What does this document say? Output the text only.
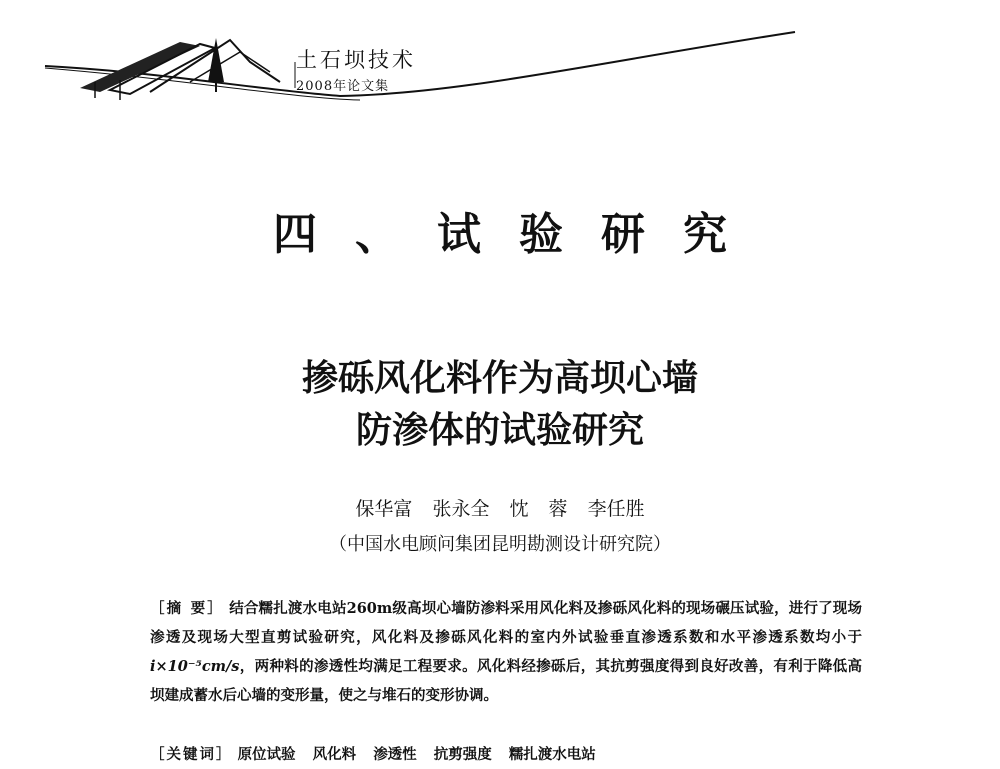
土石坝技术
2008年论文集
四、试验研究
掺砾风化料作为高坝心墙
防渗体的试验研究
保华富 张永全 忱 蓉 李任胜
（中国水电顾问集团昆明勘测设计研究院）
［摘 要］ 结合糯扎渡水电站260m级高坝心墙防渗料采用风化料及掺砾风化料的现场碾压试验，进行了现场渗透及现场大型直剪试验研究，风化料及掺砾风化料的室内外试验垂直渗透系数和水平渗透系数均小于i×10⁻⁵cm/s，两种料的渗透性均满足工程要求。风化料经掺砾后，其抗剪强度得到良好改善，有利于降低高坝建成蓄水后心墙的变形量，使之与堆石的变形协调。
［关键词］ 原位试验 风化料 渗透性 抗剪强度 糯扎渡水电站
